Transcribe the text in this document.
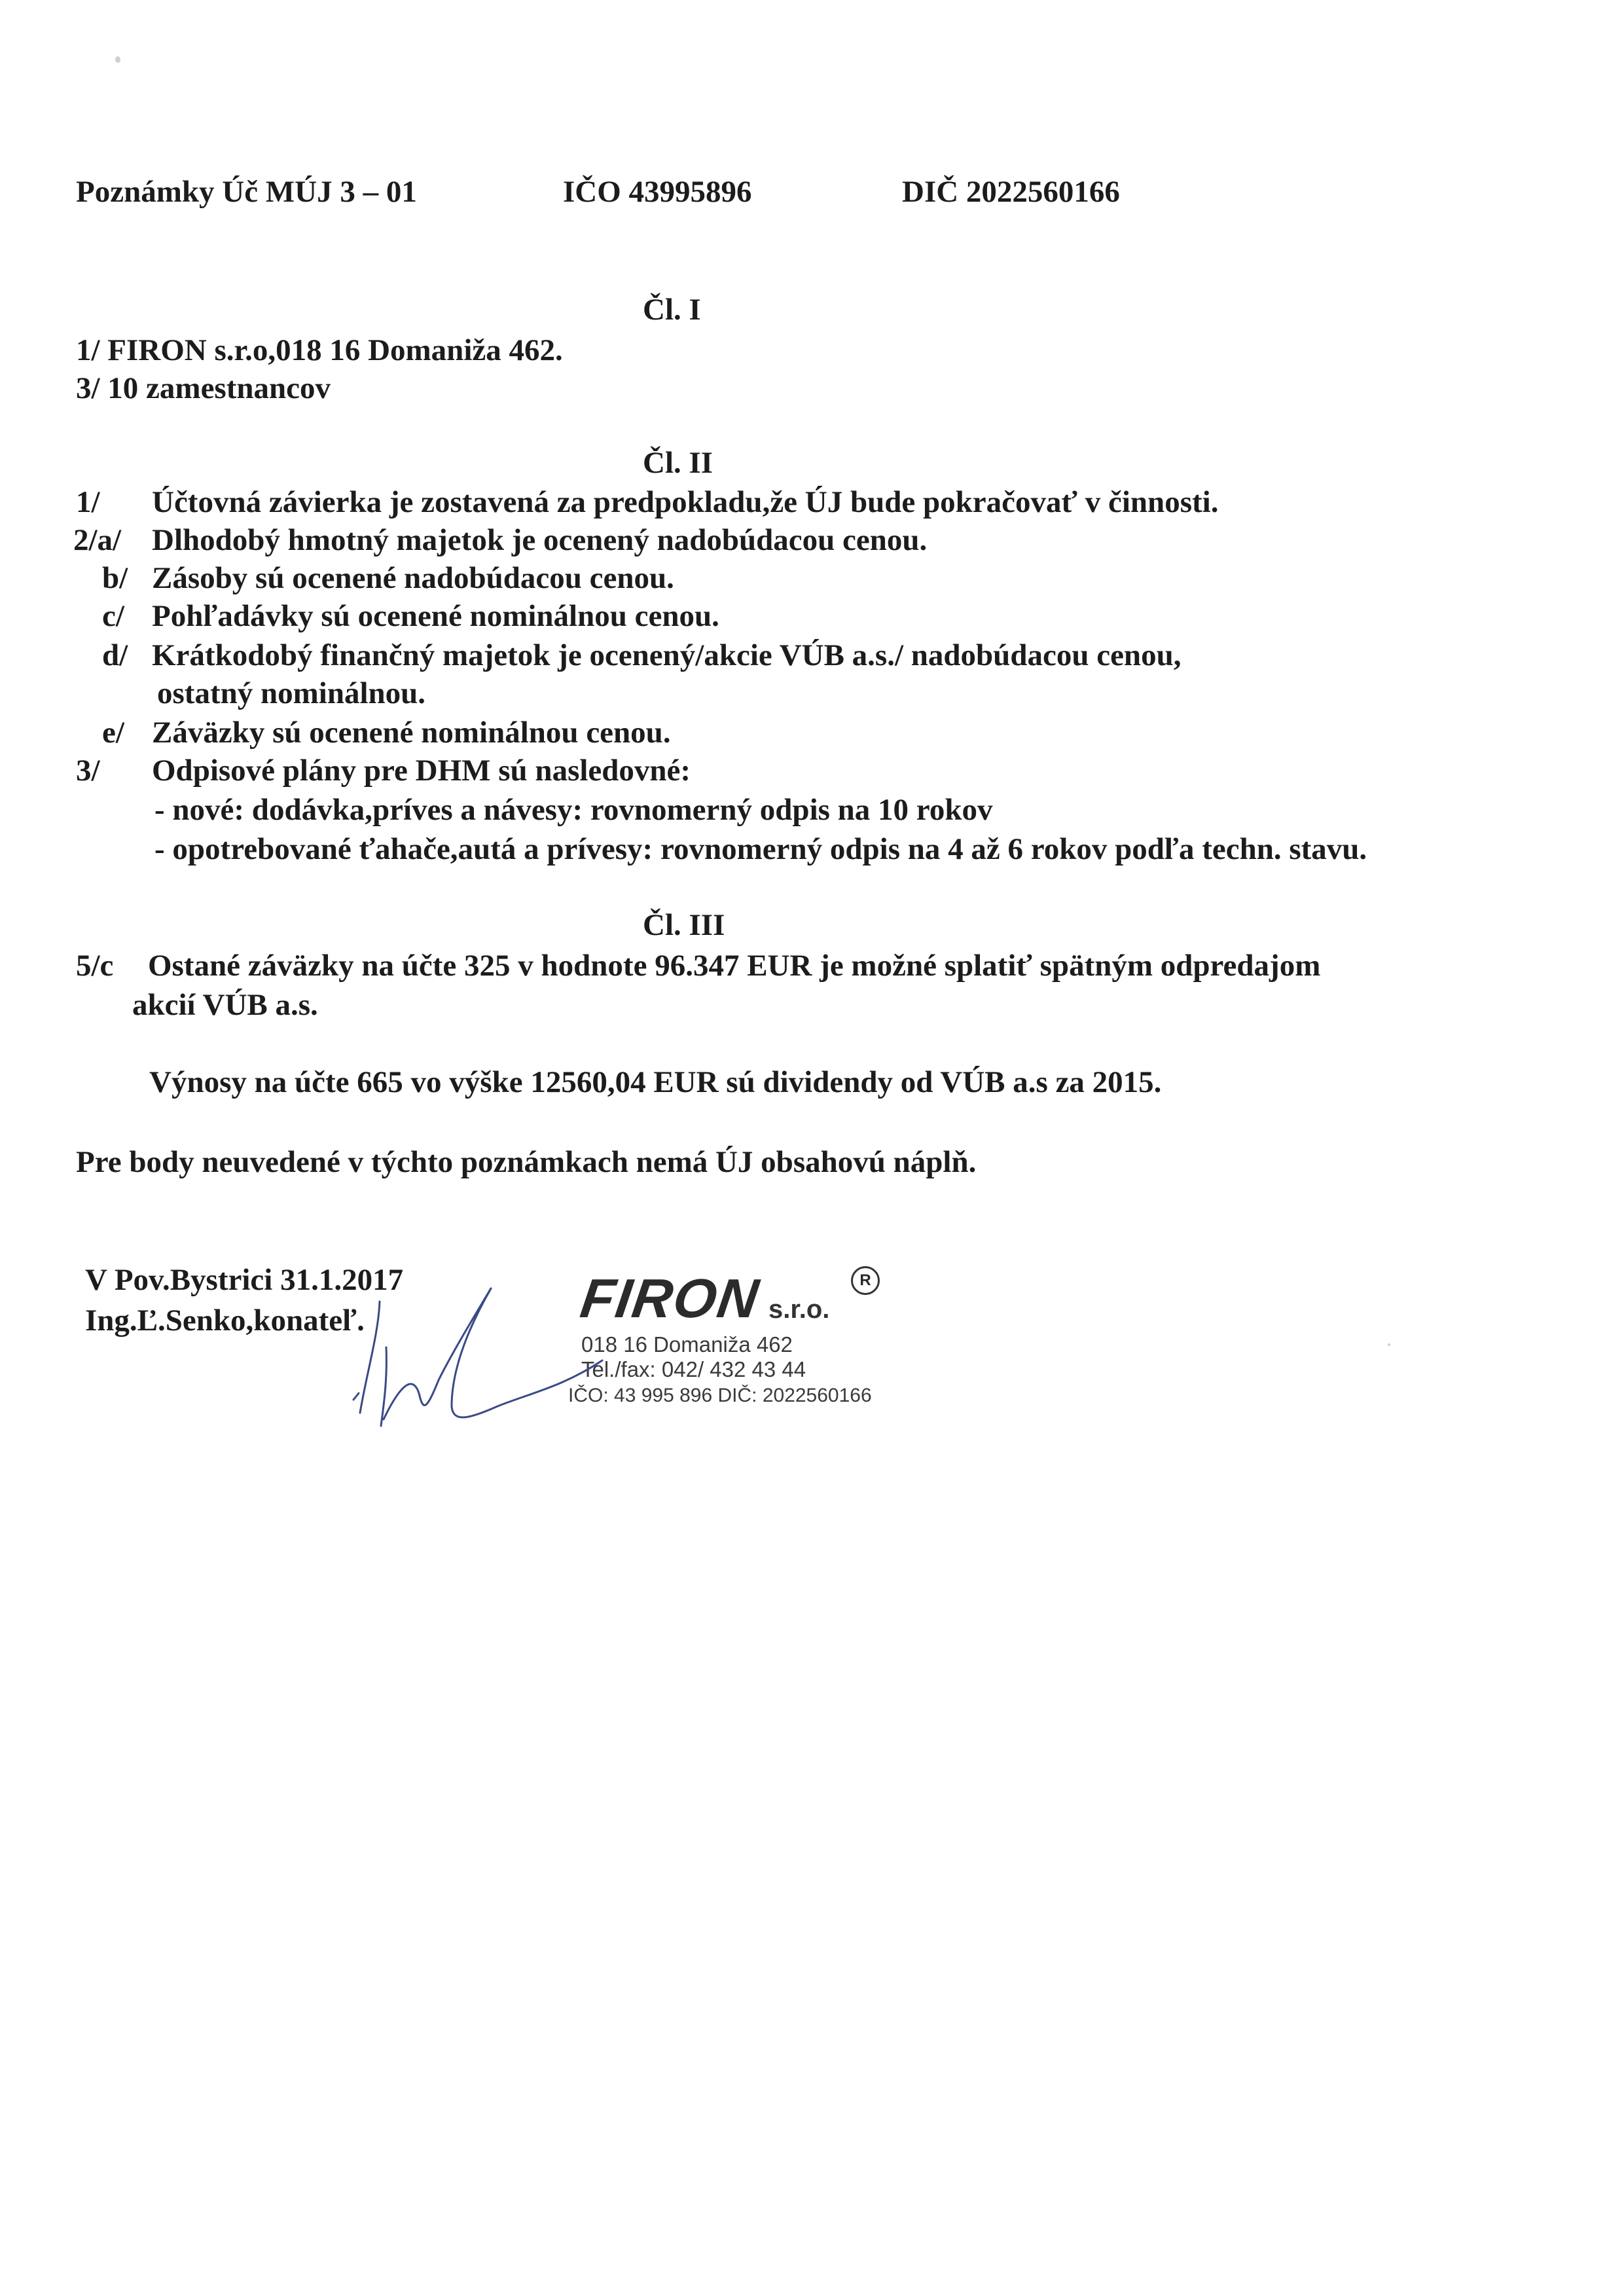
Poznámky Úč MÚJ 3 – 01	IČO 43995896	DIČ 2022560166
Čl. I
1/ FIRON s.r.o,018 16 Domaniža 462.
3/ 10 zamestnancov
Čl. II
1/ Účtovná závierka je zostavená za predpokladu,že ÚJ bude pokračovať v činnosti.
2/a/ Dlhodobý hmotný majetok je ocenený nadobúdacou cenou.
b/ Zásoby sú ocenené nadobúdacou cenou.
c/ Pohľadávky sú ocenené nominálnou cenou.
d/ Krátkodobý finančný majetok je ocenený/akcie VÚB a.s./ nadobúdacou cenou,
ostatný nominálnou.
e/ Záväzky sú ocenené nominálnou cenou.
3/ Odpisové plány pre DHM sú nasledovné:
- nové: dodávka,príves a návesy: rovnomerný odpis na 10 rokov
- opotrebované ťahače,autá a prívesy: rovnomerný odpis na 4 až 6 rokov podľa techn. stavu.
Čl. III
5/c Ostané záväzky na účte 325 v hodnote 96.347 EUR je možné splatiť spätným odpredajom
akcií VÚB a.s.
Výnosy na účte 665 vo výške 12560,04 EUR sú dividendy od VÚB a.s za 2015.
Pre body neuvedené v týchto poznámkach nemá ÚJ obsahovú náplň.
V Pov.Bystrici 31.1.2017
Ing.Ľ.Senko,konateľ.	FIRON s.r.o.
R
018 16 Domaniža 462
Tel./fax: 042/ 432 43 44
IČO: 43 995 896 DIČ: 2022560166
